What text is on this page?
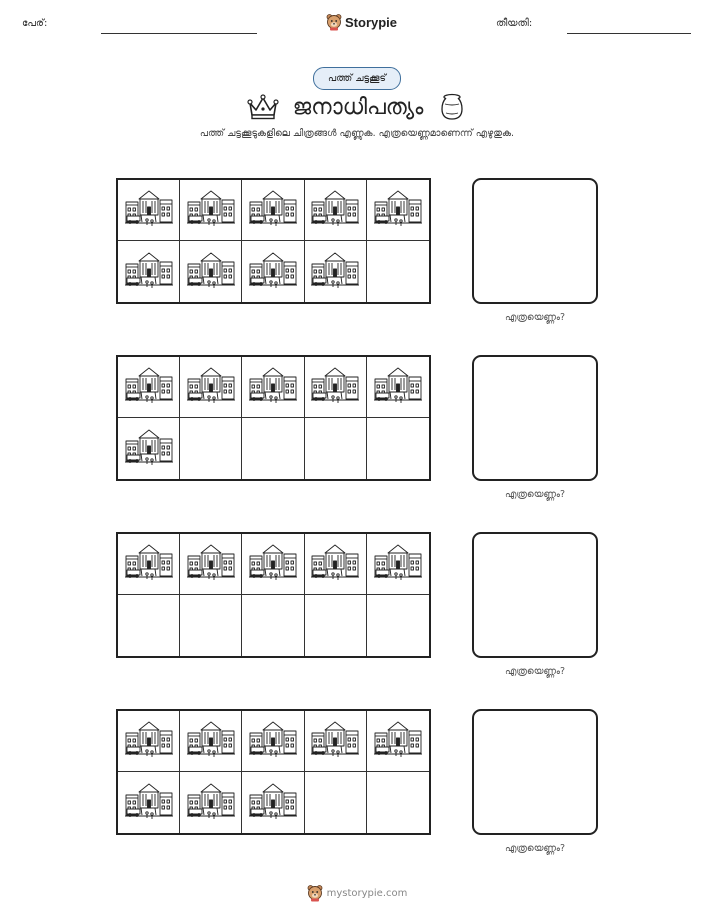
പേര്:	Storypie	തീയതി:
പത്ത് ചട്ടക്കൂട്
ജനാധിപത്യം
പത്ത് ചട്ടക്കൂടുകളിലെ ചിത്രങ്ങൾ എണ്ണുക. എത്രയെണ്ണമാണെന്ന് എഴുതുക.
എത്രയെണ്ണം?
എത്രയെണ്ണം?
എത്രയെണ്ണം?
എത്രയെണ്ണം?
mystorypie.com
